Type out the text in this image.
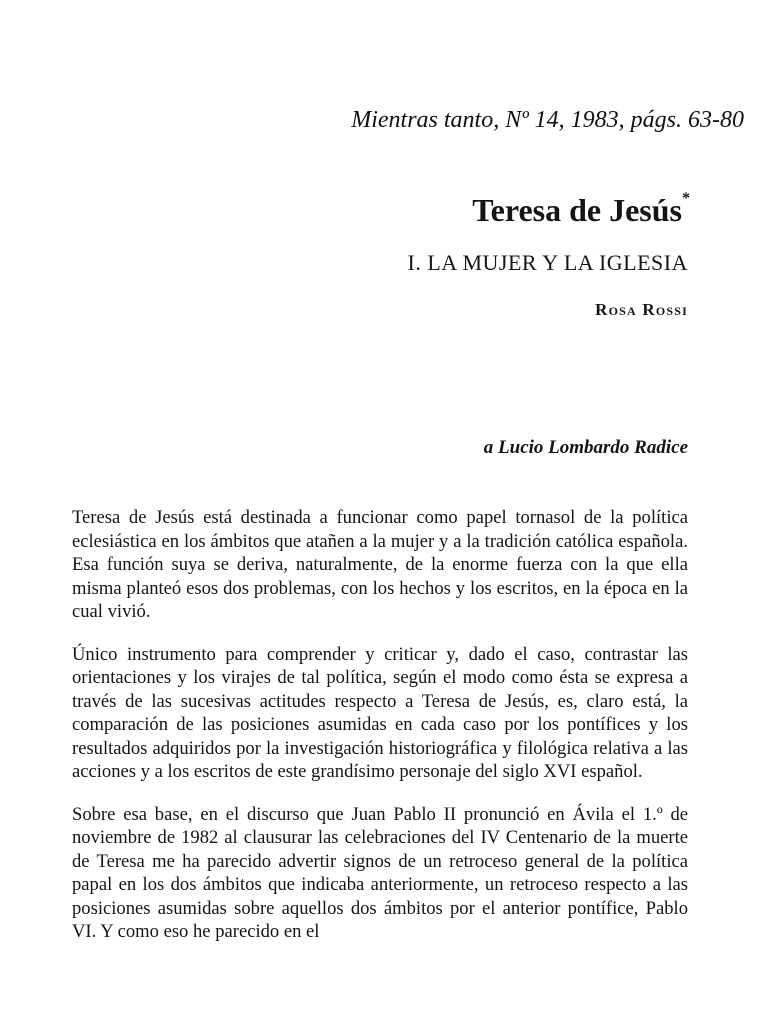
Mientras tanto, Nº 14, 1983, págs. 63-80
Teresa de Jesús*
I. LA MUJER Y LA IGLESIA
Rosa Rossi
a Lucio Lombardo Radice

Teresa de Jesús está destinada a funcionar como papel tornasol de la política eclesiástica en los ámbitos que atañen a la mujer y a la tradición católica española. Esa función suya se deriva, naturalmente, de la enorme fuerza con la que ella misma planteó esos dos problemas, con los hechos y los escritos, en la época en la cual vivió.

Único instrumento para comprender y criticar y, dado el caso, contrastar las orientaciones y los virajes de tal política, según el modo como ésta se expresa a través de las sucesivas actitudes respecto a Teresa de Jesús, es, claro está, la comparación de las posiciones asumidas en cada caso por los pontífices y los resultados adquiridos por la investigación historiográfica y filológica relativa a las acciones y a los escritos de este grandísimo personaje del siglo XVI español.

Sobre esa base, en el discurso que Juan Pablo II pronunció en Ávila el 1.º de noviembre de 1982 al clausurar las celebraciones del IV Centenario de la muerte de Teresa me ha parecido advertir signos de un retroceso general de la política papal en los dos ámbitos que indicaba anteriormente, un retroceso respecto a las posiciones asumidas sobre aquellos dos ámbitos por el anterior pontífice, Pablo VI. Y como eso he parecido en el
